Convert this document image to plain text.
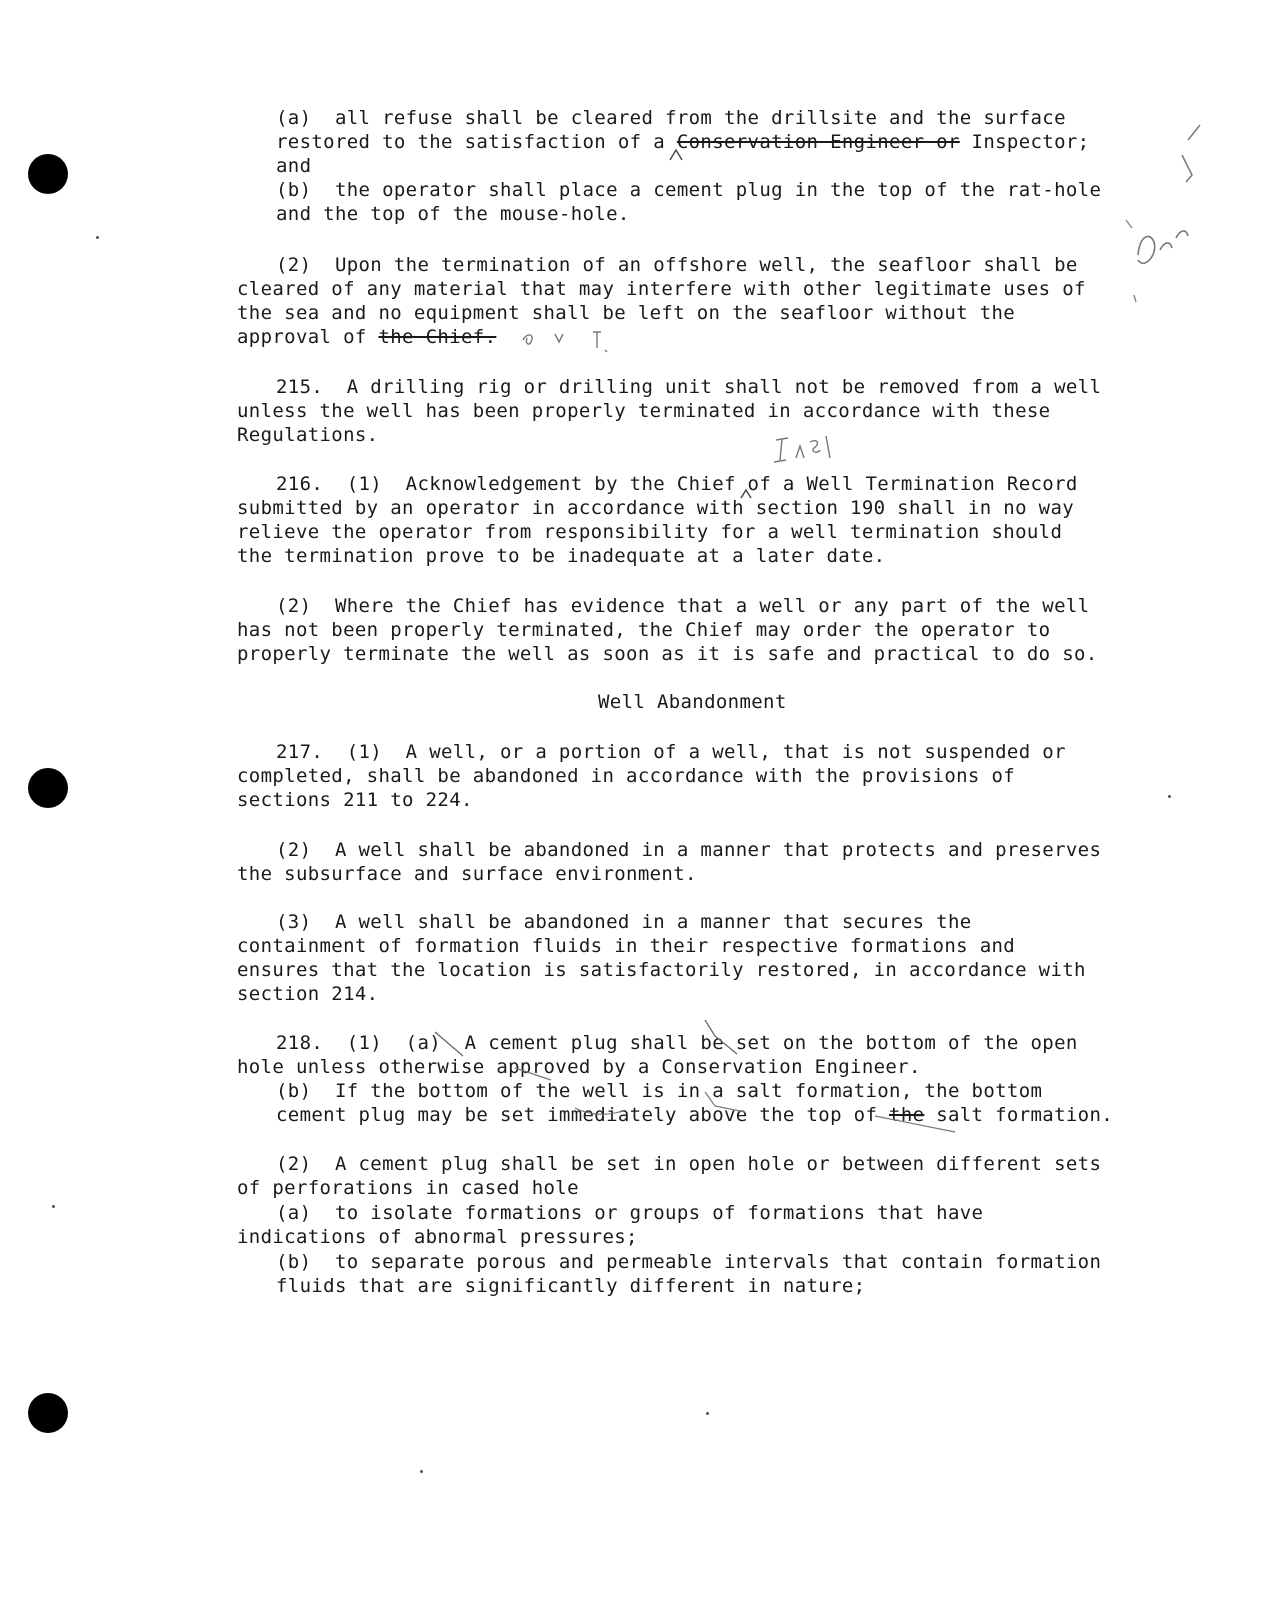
(a)  all refuse shall be cleared from the drillsite and the surface
restored to the satisfaction of a Conservation Engineer or Inspector;
and
(b)  the operator shall place a cement plug in the top of the rat-hole
and the top of the mouse-hole.
(2)  Upon the termination of an offshore well, the seafloor shall be
cleared of any material that may interfere with other legitimate uses of
the sea and no equipment shall be left on the seafloor without the
approval of the Chief.
215.  A drilling rig or drilling unit shall not be removed from a well
unless the well has been properly terminated in accordance with these
Regulations.
216.  (1)  Acknowledgement by the Chief of a Well Termination Record
submitted by an operator in accordance with section 190 shall in no way
relieve the operator from responsibility for a well termination should
the termination prove to be inadequate at a later date.
(2)  Where the Chief has evidence that a well or any part of the well
has not been properly terminated, the Chief may order the operator to
properly terminate the well as soon as it is safe and practical to do so.
Well Abandonment
217.  (1)  A well, or a portion of a well, that is not suspended or
completed, shall be abandoned in accordance with the provisions of
sections 211 to 224.
(2)  A well shall be abandoned in a manner that protects and preserves
the subsurface and surface environment.
(3)  A well shall be abandoned in a manner that secures the
containment of formation fluids in their respective formations and
ensures that the location is satisfactorily restored, in accordance with
section 214.
218.  (1)  (a)  A cement plug shall be set on the bottom of the open
hole unless otherwise approved by a Conservation Engineer.
(b)  If the bottom of the well is in a salt formation, the bottom
cement plug may be set immediately above the top of the salt formation.
(2)  A cement plug shall be set in open hole or between different sets
of perforations in cased hole
(a)  to isolate formations or groups of formations that have
indications of abnormal pressures;
(b)  to separate porous and permeable intervals that contain formation
fluids that are significantly different in nature;
